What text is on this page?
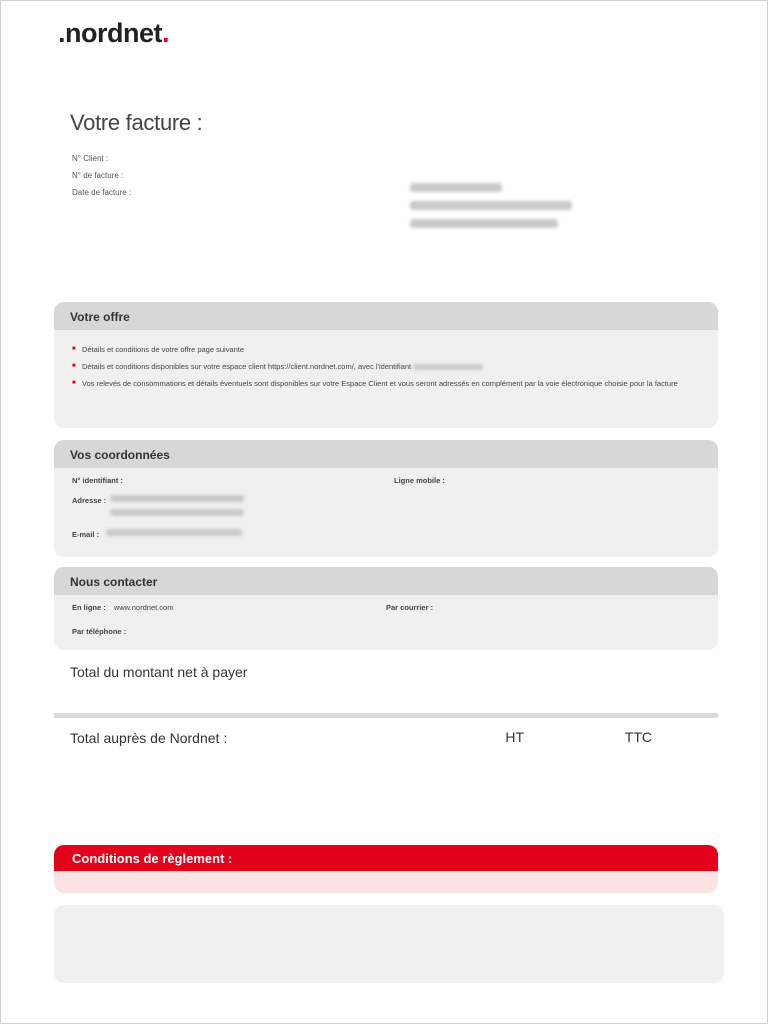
.nordnet.
Votre facture :
N° Client :
N° de facture :
Date de facture :
Votre offre
■ Détails et conditions de votre offre page suivante
■ Détails et conditions disponibles sur votre espace client https://client.nordnet.com/, avec l'identifiant
■ Vos relevés de consommations et détails éventuels sont disponibles sur votre Espace Client et vous seront adressés en complément par la voie électronique choisie pour la facture
Vos coordonnées
N° identifiant :	Ligne mobile :
Adresse :
E-mail :
Nous contacter
En ligne : www.nordnet.com
Par téléphone :
Par courrier :
Total du montant net à payer
Total auprès de Nordnet :	HT	TTC
Conditions de règlement :
